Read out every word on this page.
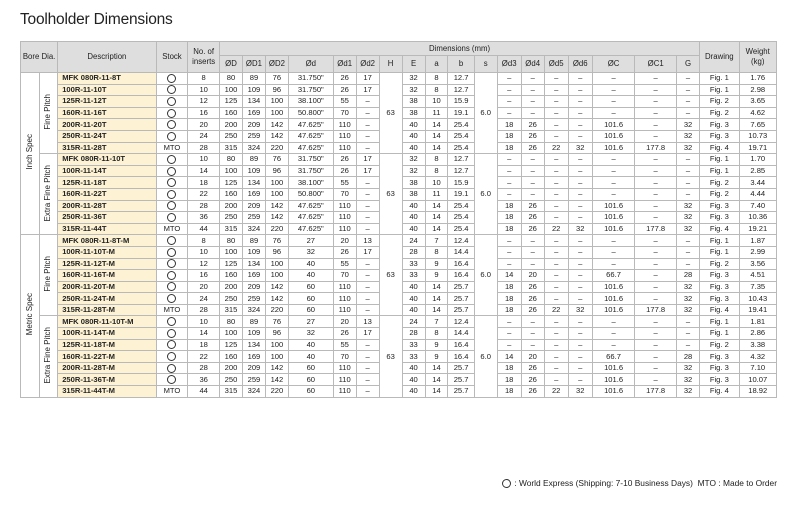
Toolholder Dimensions
Bore Dia.		Description	Stock	No. of
inserts	Dimensions (mm)																		Drawing	Weight
(kg)
					ØD	ØD1	ØD2	Ød	Ød1	Ød2	H	E	a	b	s	Ød3	Ød4	Ød5	Ød6	ØC	ØC1	G		
Inch Spec	Fine Pitch	MFK 080R-11-8T		8	80	89	76	31.750"	26	17	63	32	8	12.7	6.0	–	–	–	–	–	–	–	Fig. 1	1.76
		100R-11-10T		10	100	109	96	31.750"	26	17		32	8	12.7		–	–	–	–	–	–	–	Fig. 1	2.98
		125R-11-12T		12	125	134	100	38.100"	55	–		38	10	15.9		–	–	–	–	–	–	–	Fig. 2	3.65
		160R-11-16T		16	160	169	100	50.800"	70	–		38	11	19.1		–	–	–	–	–	–	–	Fig. 2	4.62
		200R-11-20T		20	200	209	142	47.625"	110	–		40	14	25.4		18	26	–	–	101.6	–	32	Fig. 3	7.65
		250R-11-24T		24	250	259	142	47.625"	110	–		40	14	25.4		18	26	–	–	101.6	–	32	Fig. 3	10.73
		315R-11-28T	MTO	28	315	324	220	47.625"	110	–		40	14	25.4		18	26	22	32	101.6	177.8	32	Fig. 4	19.71
	Extra Fine Pitch	MFK 080R-11-10T		10	80	89	76	31.750"	26	17	63	32	8	12.7	6.0	–	–	–	–	–	–	–	Fig. 1	1.70
		100R-11-14T		14	100	109	96	31.750"	26	17		32	8	12.7		–	–	–	–	–	–	–	Fig. 1	2.85
		125R-11-18T		18	125	134	100	38.100"	55	–		38	10	15.9		–	–	–	–	–	–	–	Fig. 2	3.44
		160R-11-22T		22	160	169	100	50.800"	70	–		38	11	19.1		–	–	–	–	–	–	–	Fig. 2	4.44
		200R-11-28T		28	200	209	142	47.625"	110	–		40	14	25.4		18	26	–	–	101.6	–	32	Fig. 3	7.40
		250R-11-36T		36	250	259	142	47.625"	110	–		40	14	25.4		18	26	–	–	101.6	–	32	Fig. 3	10.36
		315R-11-44T	MTO	44	315	324	220	47.625"	110	–		40	14	25.4		18	26	22	32	101.6	177.8	32	Fig. 4	19.21
Metric Spec	Fine Pitch	MFK 080R-11-8T-M		8	80	89	76	27	20	13	63	24	7	12.4	6.0	–	–	–	–	–	–	–	Fig. 1	1.87
		100R-11-10T-M		10	100	109	96	32	26	17		28	8	14.4		–	–	–	–	–	–	–	Fig. 1	2.99
		125R-11-12T-M		12	125	134	100	40	55	–		33	9	16.4		–	–	–	–	–	–	–	Fig. 2	3.56
		160R-11-16T-M		16	160	169	100	40	70	–		33	9	16.4		14	20	–	–	66.7	–	28	Fig. 3	4.51
		200R-11-20T-M		20	200	209	142	60	110	–		40	14	25.7		18	26	–	–	101.6	–	32	Fig. 3	7.35
		250R-11-24T-M		24	250	259	142	60	110	–		40	14	25.7		18	26	–	–	101.6	–	32	Fig. 3	10.43
		315R-11-28T-M	MTO	28	315	324	220	60	110	–		40	14	25.7		18	26	22	32	101.6	177.8	32	Fig. 4	19.41
	Extra Fine Pitch	MFK 080R-11-10T-M		10	80	89	76	27	20	13	63	24	7	12.4	6.0	–	–	–	–	–	–	–	Fig. 1	1.81
		100R-11-14T-M		14	100	109	96	32	26	17		28	8	14.4		–	–	–	–	–	–	–	Fig. 1	2.86
		125R-11-18T-M		18	125	134	100	40	55	–		33	9	16.4		–	–	–	–	–	–	–	Fig. 2	3.38
		160R-11-22T-M		22	160	169	100	40	70	–		33	9	16.4		14	20	–	–	66.7	–	28	Fig. 3	4.32
		200R-11-28T-M		28	200	209	142	60	110	–		40	14	25.7		18	26	–	–	101.6	–	32	Fig. 3	7.10
		250R-11-36T-M		36	250	259	142	60	110	–		40	14	25.7		18	26	–	–	101.6	–	32	Fig. 3	10.07
		315R-11-44T-M	MTO	44	315	324	220	60	110	–		40	14	25.7		18	26	22	32	101.6	177.8	32	Fig. 4	18.92
: World Express (Shipping: 7-10 Business Days) MTO : Made to Order
